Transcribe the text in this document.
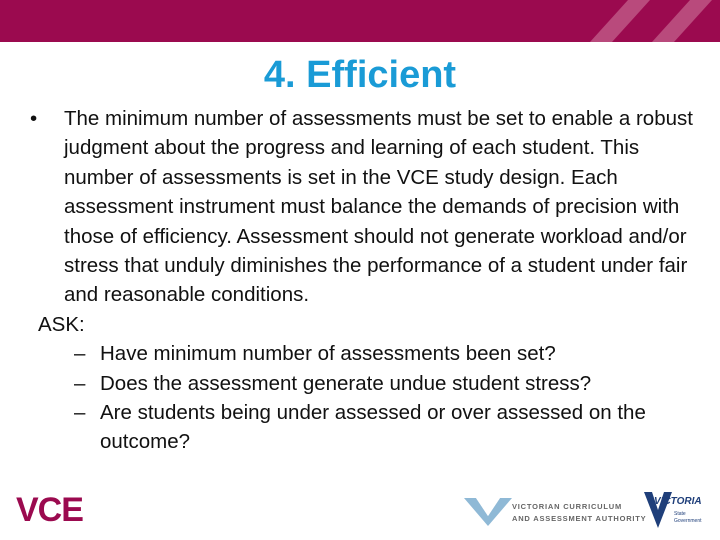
4. Efficient
•	The minimum number of assessments must be set to enable a robust judgment about the progress and learning of each student. This number of assessments is set in the VCE study design. Each assessment instrument must balance the demands of precision with those of efficiency. Assessment should not generate workload and/or stress that unduly diminishes the performance of a student under fair and reasonable conditions.
ASK:
– Have minimum number of assessments been set?
– Does the assessment generate undue student stress?
– Are students being under assessed or over assessed on the outcome?
VCE	VICTORIAN CURRICULUM
AND ASSESSMENT AUTHORITY
VICTORIA
State
Government
